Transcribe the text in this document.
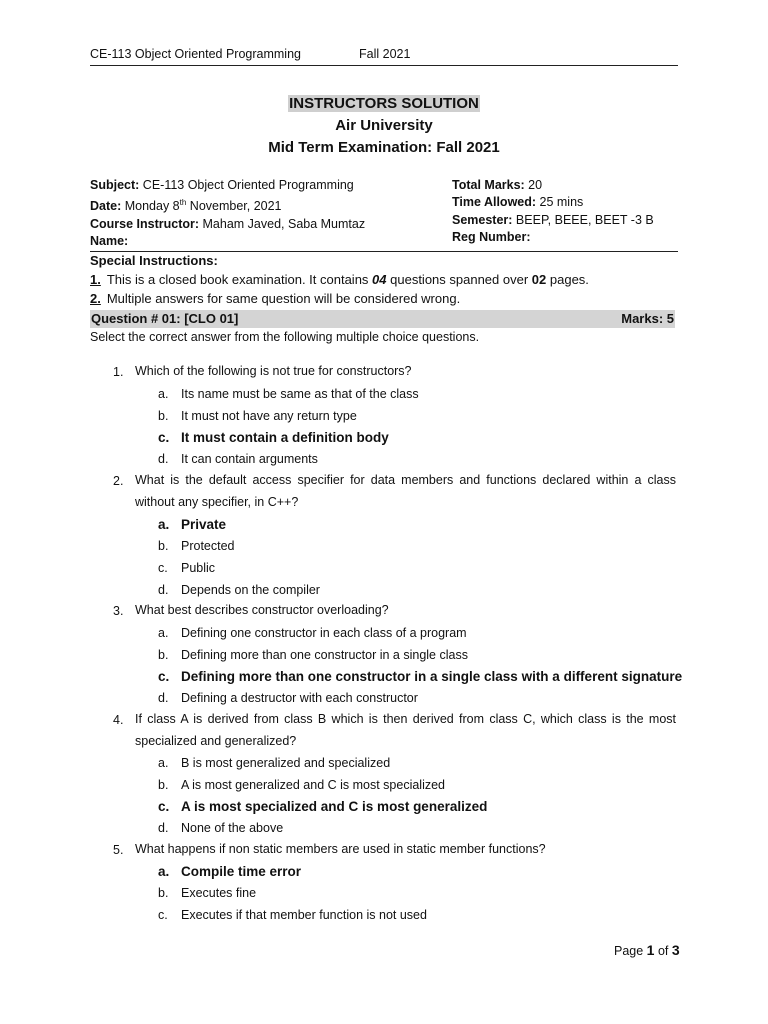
CE-113 Object Oriented Programming	Fall 2021
INSTRUCTORS SOLUTION
Air University
Mid Term Examination: Fall 2021
Subject: CE-113 Object Oriented Programming
Date: Monday 8th November, 2021
Course Instructor: Maham Javed, Saba Mumtaz
Name:
Total Marks: 20
Time Allowed: 25 mins
Semester: BEEP, BEEE, BEET -3 B
Reg Number:
Special Instructions:
1. This is a closed book examination. It contains 04 questions spanned over 02 pages.
2. Multiple answers for same question will be considered wrong.
Question # 01: [CLO 01]	Marks: 5
Select the correct answer from the following multiple choice questions.
1. Which of the following is not true for constructors?
a. Its name must be same as that of the class
b. It must not have any return type
c. It must contain a definition body
d. It can contain arguments
2. What is the default access specifier for data members and functions declared within a class without any specifier, in C++?
a. Private
b. Protected
c. Public
d. Depends on the compiler
3. What best describes constructor overloading?
a. Defining one constructor in each class of a program
b. Defining more than one constructor in a single class
c. Defining more than one constructor in a single class with a different signature
d. Defining a destructor with each constructor
4. If class A is derived from class B which is then derived from class C, which class is the most specialized and generalized?
a. B is most generalized and specialized
b. A is most generalized and C is most specialized
c. A is most specialized and C is most generalized
d. None of the above
5. What happens if non static members are used in static member functions?
a. Compile time error
b. Executes fine
c. Executes if that member function is not used
Page 1 of 3
